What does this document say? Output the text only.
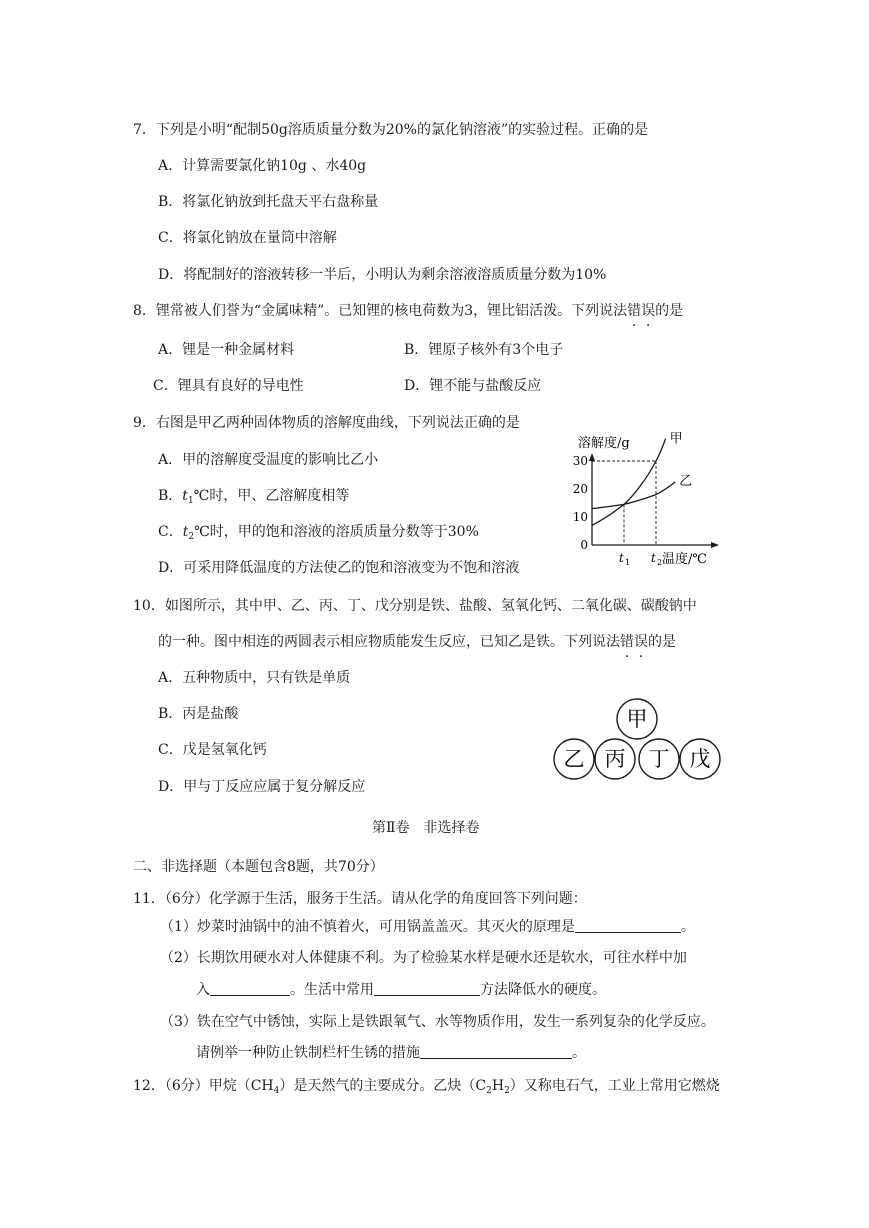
7．下列是小明“配制50g溶质质量分数为20%的氯化钠溶液”的实验过程。正确的是
A．计算需要氯化钠10g 、水40g
B．将氯化钠放到托盘天平右盘称量
C．将氯化钠放在量筒中溶解
D．将配制好的溶液转移一半后，小明认为剩余溶液溶质质量分数为10%
8．锂常被人们誉为“金属味精”。已知锂的核电荷数为3，锂比铝活泼。下列说法错误的是
A．锂是一种金属材料	B．锂原子核外有3个电子
C．锂具有良好的导电性	D．锂不能与盐酸反应
9．右图是甲乙两种固体物质的溶解度曲线，下列说法正确的是
A．甲的溶解度受温度的影响比乙小
B．$t_1℃$时，甲、乙溶解度相等
C．$t_2℃$时，甲的饱和溶液的溶质质量分数等于30%
D．可采用降低温度的方法使乙的饱和溶液变为不饱和溶液
溶解度/g
温度/℃
0
10
20
30
t 1 t 2
甲
乙
10．如图所示，其中甲、乙、丙、丁、戊分别是铁、盐酸、氢氧化钙、二氧化碳、碳酸钠中
的一种。图中相连的两圆表示相应物质能发生反应，已知乙是铁。下列说法错误的是
A．五种物质中，只有铁是单质
B．丙是盐酸
C．戊是氢氧化钙
D．甲与丁反应应属于复分解反应
甲
乙 丙 丁 戊
第Ⅱ卷　非选择卷
二、非选择题（本题包含8题，共70分）
11．（6分）化学源于生活，服务于生活。请从化学的角度回答下列问题：
（1）炒菜时油锅中的油不慎着火，可用锅盖盖灭。其灭火的原理是	。
（2）长期饮用硬水对人体健康不利。为了检验某水样是硬水还是软水，可往水样中加
入	。生活中常用	方法降低水的硬度。
（3）铁在空气中锈蚀，实际上是铁跟氧气、水等物质作用，发生一系列复杂的化学反应。
请例举一种防止铁制栏杆生锈的措施	。
12．（6分）甲烷$(CH_4)$是天然气的主要成分。乙炔$(C_2H_2)$又称电石气，工业上常用它燃烧
